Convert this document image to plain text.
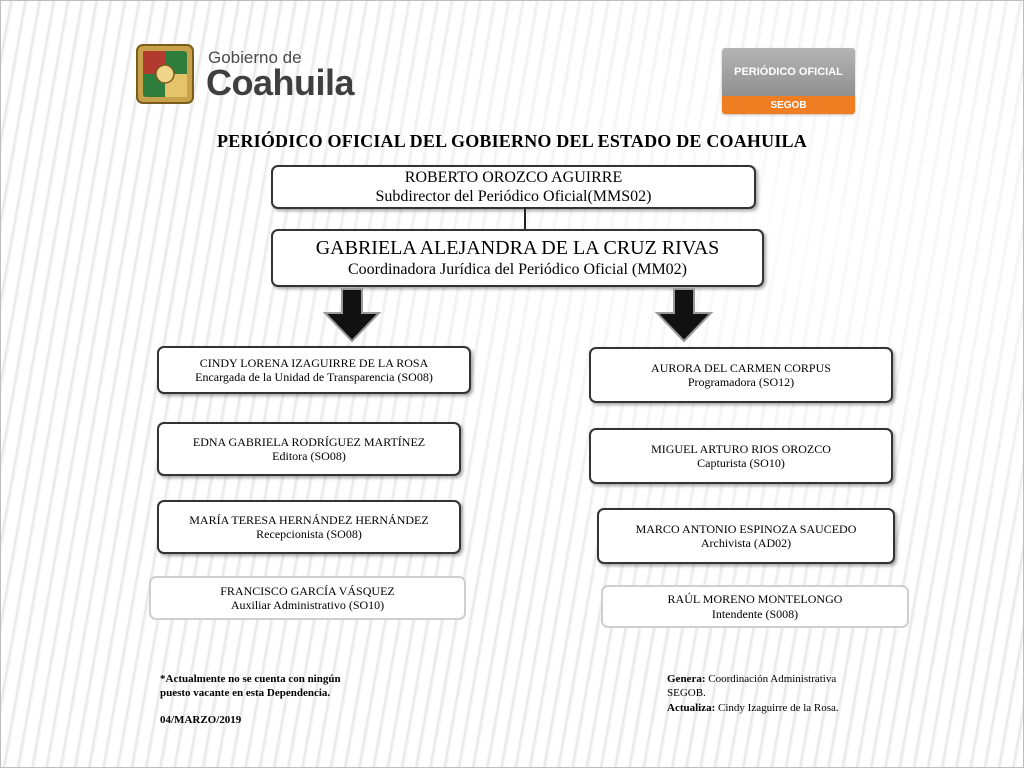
Gobierno de
Coahuila	PERIÓDICO OFICIAL
SEGOB
PERIÓDICO OFICIAL DEL GOBIERNO DEL ESTADO DE COAHUILA
ROBERTO OROZCO AGUIRRE
Subdirector del Periódico Oficial(MMS02)
GABRIELA ALEJANDRA DE LA CRUZ RIVAS
Coordinadora Jurídica del Periódico Oficial (MM02)
CINDY LORENA IZAGUIRRE DE LA ROSA
Encargada de la Unidad de Transparencia (SO08)
EDNA GABRIELA RODRÍGUEZ MARTÍNEZ
Editora (SO08)
MARÍA TERESA HERNÁNDEZ HERNÁNDEZ
Recepcionista (SO08)
FRANCISCO GARCÍA VÁSQUEZ
Auxiliar Administrativo (SO10)
AURORA DEL CARMEN CORPUS
Programadora (SO12)
MIGUEL ARTURO RIOS OROZCO
Capturista (SO10)
MARCO ANTONIO ESPINOZA SAUCEDO
Archivista (AD02)
RAÚL MORENO MONTELONGO
Intendente (S008)
*Actualmente no se cuenta con ningún
puesto vacante en esta Dependencia.
04/MARZO/2019
Genera: Coordinación Administrativa
SEGOB.
Actualiza: Cindy Izaguirre de la Rosa.
